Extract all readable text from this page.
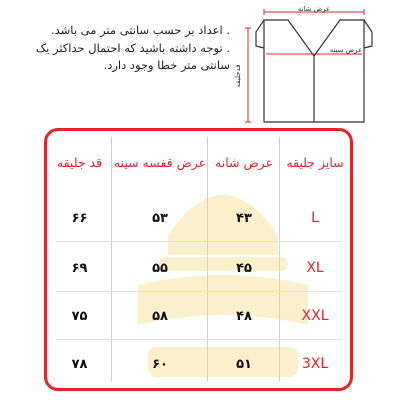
. اعداد بر حسب سانتی متر می باشد.

. توجه داشته باشید که احتمال حداکثر یک سانتی متر خطا وجود دارد.

عرض شانه
عرض سینه
قدجلیقه
سایز جلیقه
عرض شانه
عرض قفسه سینه
قد جلیقه
L
۴۳
۵۳
۶۶
XL
۴۵
۵۵
۶۹
XXL
۴۸
۵۸
۷۵
3XL
۵۱
۶۰
۷۸
